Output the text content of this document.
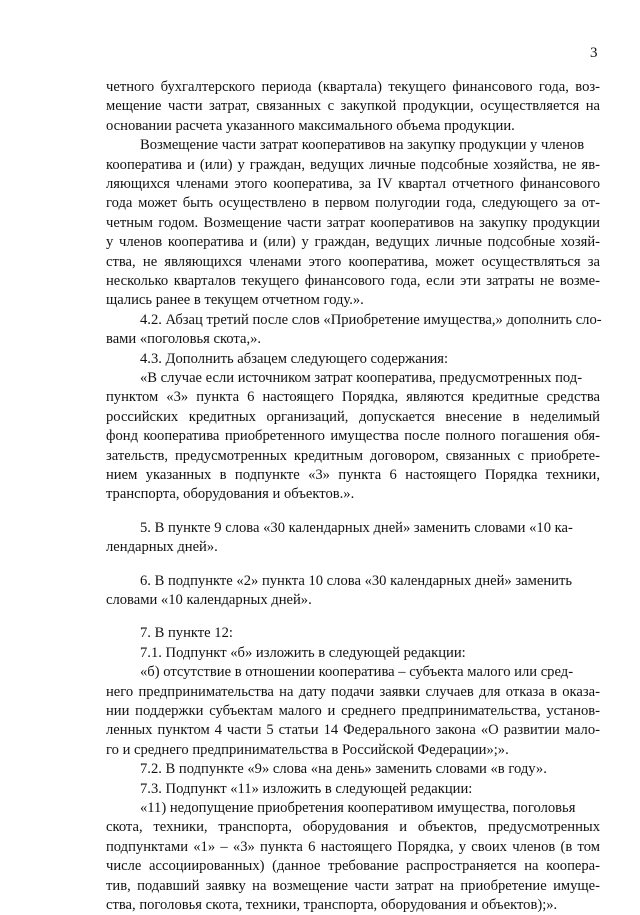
3
четного бухгалтерского периода (квартала) текущего финансового года, воз-
мещение части затрат, связанных с закупкой продукции, осуществляется на
основании расчета указанного максимального объема продукции.
Возмещение части затрат кооперативов на закупку продукции у членов
кооператива и (или) у граждан, ведущих личные подсобные хозяйства, не яв-
ляющихся членами этого кооператива, за IV квартал отчетного финансового
года может быть осуществлено в первом полугодии года, следующего за от-
четным годом. Возмещение части затрат кооперативов на закупку продукции
у членов кооператива и (или) у граждан, ведущих личные подсобные хозяй-
ства, не являющихся членами этого кооператива, может осуществляться за
несколько кварталов текущего финансового года, если эти затраты не возме-
щались ранее в текущем отчетном году.».
4.2. Абзац третий после слов «Приобретение имущества,» дополнить сло-
вами «поголовья скота,».
4.3. Дополнить абзацем следующего содержания:
«В случае если источником затрат кооператива, предусмотренных под-
пунктом «3» пункта 6 настоящего Порядка, являются кредитные средства
российских кредитных организаций, допускается внесение в неделимый
фонд кооператива приобретенного имущества после полного погашения обя-
зательств, предусмотренных кредитным договором, связанных с приобрете-
нием указанных в подпункте «3» пункта 6 настоящего Порядка техники,
транспорта, оборудования и объектов.».
5. В пункте 9 слова «30 календарных дней» заменить словами «10 ка-
лендарных дней».
6. В подпункте «2» пункта 10 слова «30 календарных дней» заменить
словами «10 календарных дней».
7. В пункте 12:
7.1. Подпункт «б» изложить в следующей редакции:
«б) отсутствие в отношении кооператива – субъекта малого или сред-
него предпринимательства на дату подачи заявки случаев для отказа в оказа-
нии поддержки субъектам малого и среднего предпринимательства, установ-
ленных пунктом 4 части 5 статьи 14 Федерального закона «О развитии мало-
го и среднего предпринимательства в Российской Федерации»;».
7.2. В подпункте «9» слова «на день» заменить словами «в году».
7.3. Подпункт «11» изложить в следующей редакции:
«11) недопущение приобретения кооперативом имущества, поголовья
скота, техники, транспорта, оборудования и объектов, предусмотренных
подпунктами «1» – «3» пункта 6 настоящего Порядка, у своих членов (в том
числе ассоциированных) (данное требование распространяется на коопера-
тив, подавший заявку на возмещение части затрат на приобретение имуще-
ства, поголовья скота, техники, транспорта, оборудования и объектов);».
